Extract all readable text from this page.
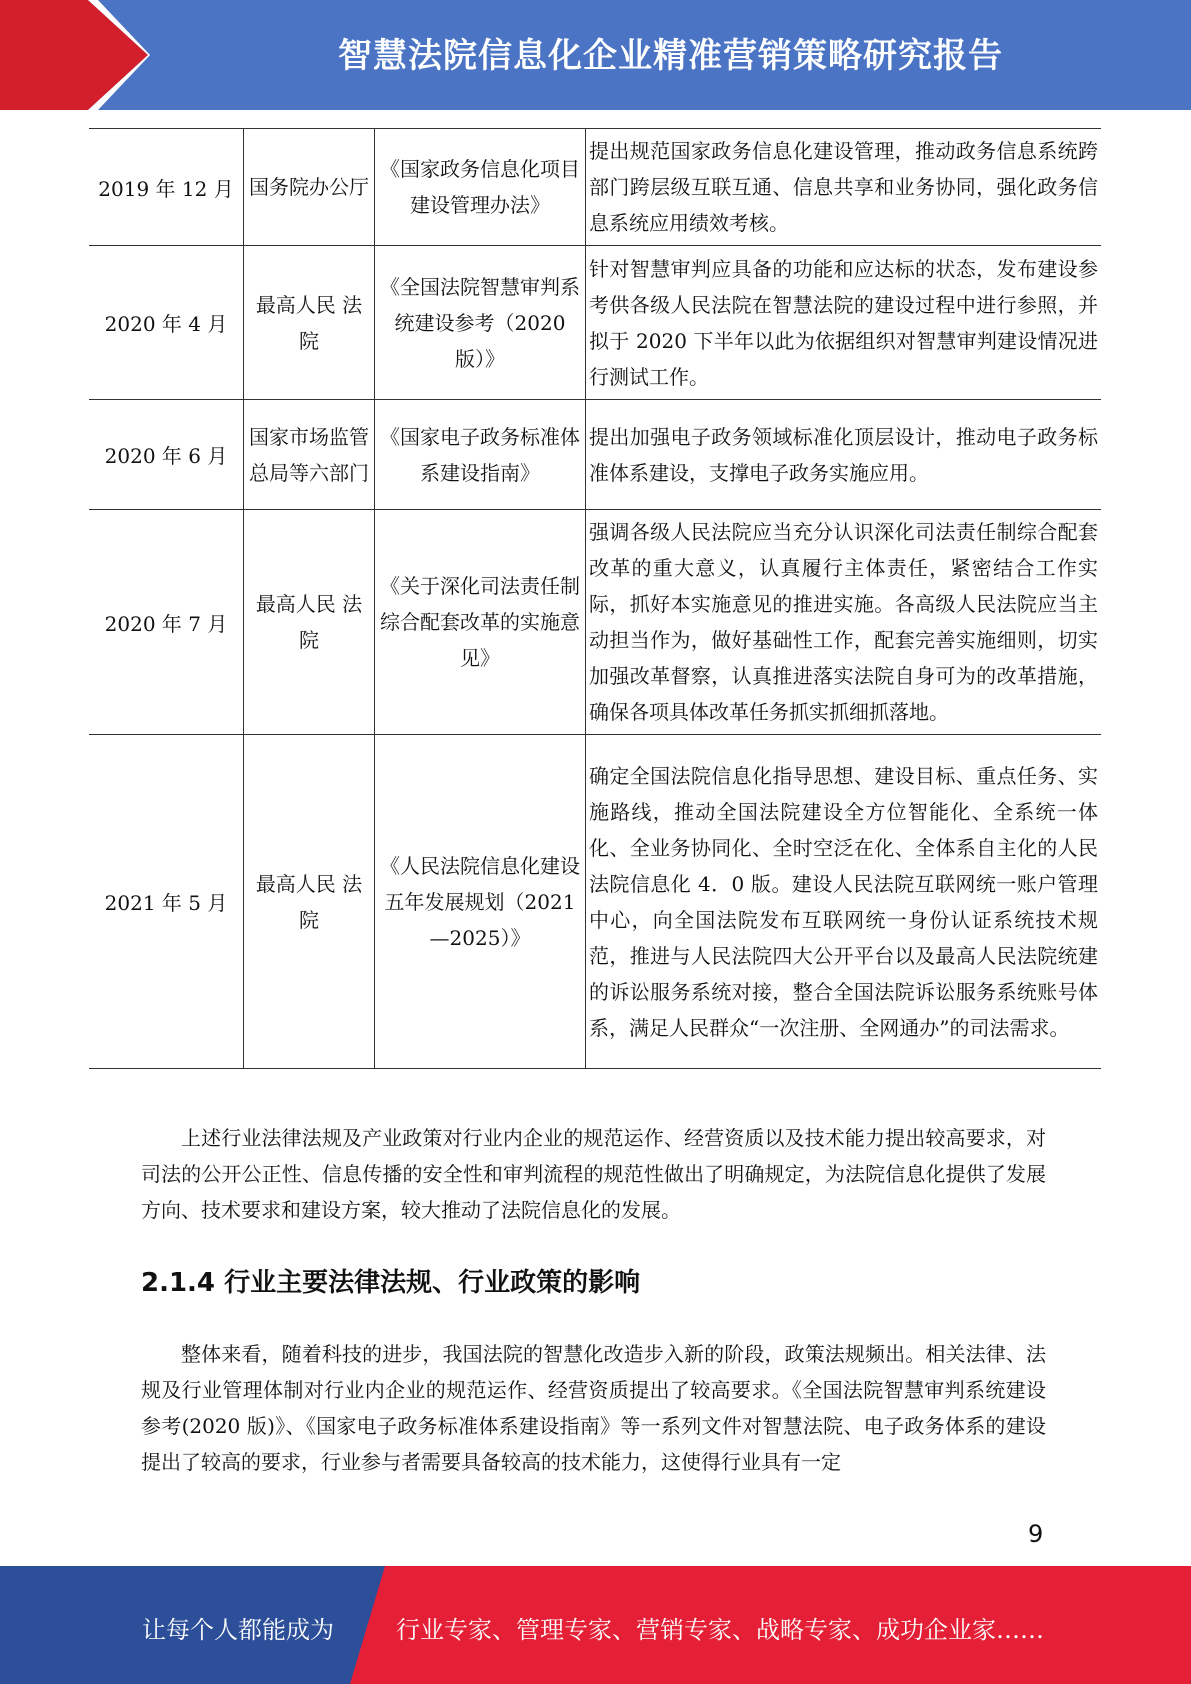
智慧法院信息化企业精准营销策略研究报告
2019 年 12 月	国务院办公厅	《国家政务信息化项目建设管理办法》	提出规范国家政务信息化建设管理，推动政务信息系统跨部门跨层级互联互通、信息共享和业务协同，强化政务信息系统应用绩效考核。
2020 年 4 月	最高人民 法院	《全国法院智慧审判系统建设参考（2020 版）》	针对智慧审判应具备的功能和应达标的状态，发布建设参考供各级人民法院在智慧法院的建设过程中进行参照，并拟于 2020 下半年以此为依据组织对智慧审判建设情况进行测试工作。
2020 年 6 月	国家市场监管总局等六部门	《国家电子政务标准体系建设指南》	提出加强电子政务领域标准化顶层设计，推动电子政务标准体系建设，支撑电子政务实施应用。
2020 年 7 月	最高人民 法院	《关于深化司法责任制综合配套改革的实施意见》	强调各级人民法院应当充分认识深化司法责任制综合配套改革的重大意义，认真履行主体责任，紧密结合工作实际，抓好本实施意见的推进实施。各高级人民法院应当主动担当作为，做好基础性工作，配套完善实施细则，切实加强改革督察，认真推进落实法院自身可为的改革措施，确保各项具体改革任务抓实抓细抓落地。
2021 年 5 月	最高人民 法院	《人民法院信息化建设五年发展规划（2021—2025）》	确定全国法院信息化指导思想、建设目标、重点任务、实施路线，推动全国法院建设全方位智能化、全系统一体化、全业务协同化、全时空泛在化、全体系自主化的人民法院信息化 4．0 版。建设人民法院互联网统一账户管理中心，向全国法院发布互联网统一身份认证系统技术规范，推进与人民法院四大公开平台以及最高人民法院统建的诉讼服务系统对接，整合全国法院诉讼服务系统账号体系，满足人民群众“一次注册、全网通办”的司法需求。

上述行业法律法规及产业政策对行业内企业的规范运作、经营资质以及技术能力提出较高要求，对司法的公开公正性、信息传播的安全性和审判流程的规范性做出了明确规定，为法院信息化提供了发展方向、技术要求和建设方案，较大推动了法院信息化的发展。

2.1.4 行业主要法律法规、行业政策的影响

整体来看，随着科技的进步，我国法院的智慧化改造步入新的阶段，政策法规频出。相关法律、法规及行业管理体制对行业内企业的规范运作、经营资质提出了较高要求。《全国法院智慧审判系统建设参考(2020 版)》、《国家电子政务标准体系建设指南》等一系列文件对智慧法院、电子政务体系的建设提出了较高的要求，行业参与者需要具备较高的技术能力，这使得行业具有一定

9
让每个人都能成为	行业专家、管理专家、营销专家、战略专家、成功企业家……
